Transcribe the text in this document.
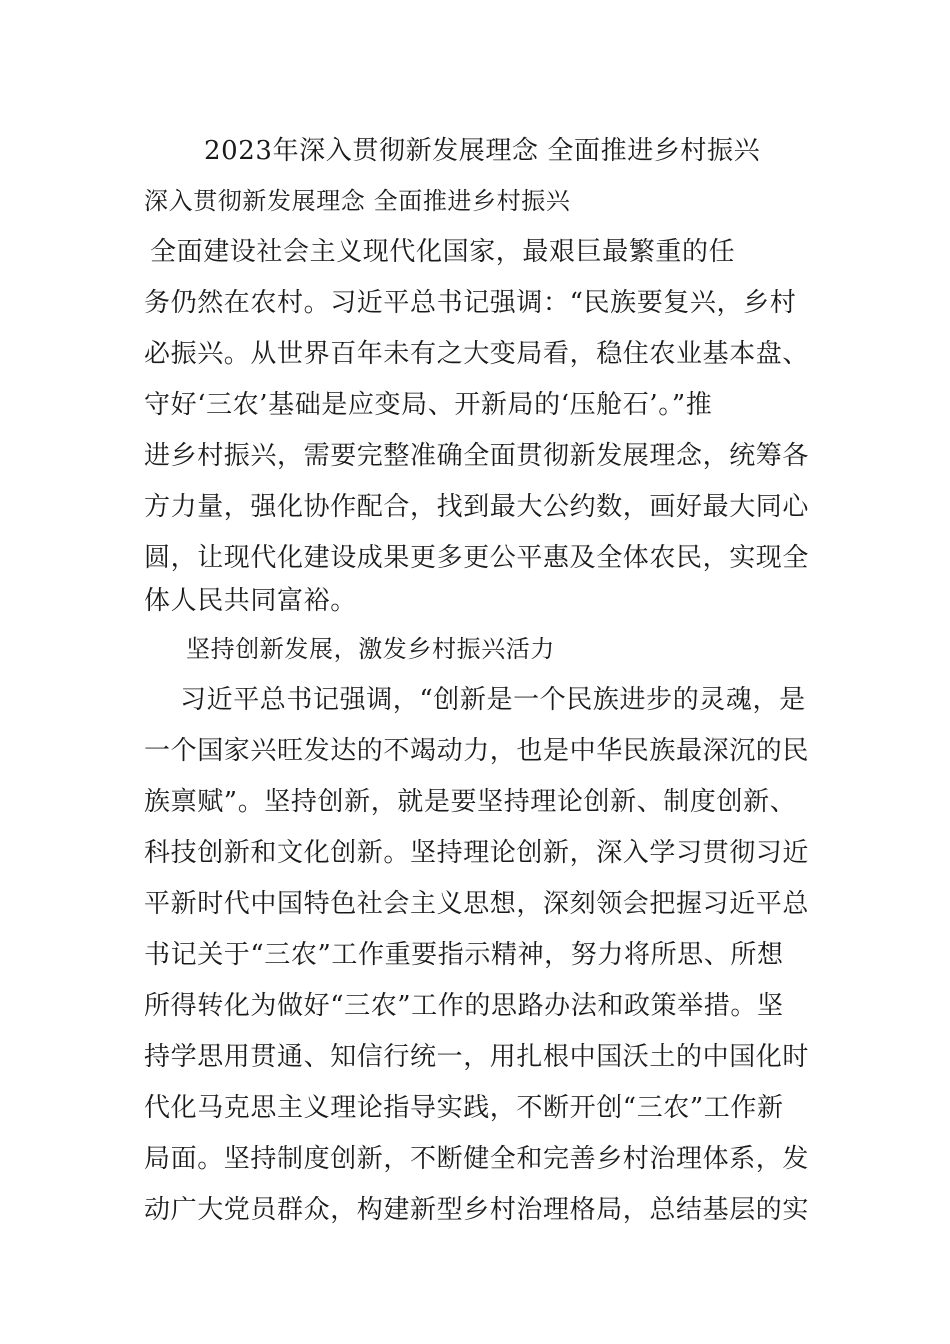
2023年深入贯彻新发展理念 全面推进乡村振兴
深入贯彻新发展理念 全面推进乡村振兴
全面建设社会主义现代化国家，最艰巨最繁重的任
务仍然在农村。习近平总书记强调：“民族要复兴，乡村
必振兴。从世界百年未有之大变局看，稳住农业基本盘、
守好‘三农’基础是应变局、开新局的‘压舱石’。”推
进乡村振兴，需要完整准确全面贯彻新发展理念，统筹各
方力量，强化协作配合，找到最大公约数，画好最大同心
圆，让现代化建设成果更多更公平惠及全体农民，实现全
体人民共同富裕。
坚持创新发展，激发乡村振兴活力
习近平总书记强调，“创新是一个民族进步的灵魂，是
一个国家兴旺发达的不竭动力，也是中华民族最深沉的民
族禀赋”。坚持创新，就是要坚持理论创新、制度创新、
科技创新和文化创新。坚持理论创新，深入学习贯彻习近
平新时代中国特色社会主义思想，深刻领会把握习近平总
书记关于“三农”工作重要指示精神，努力将所思、所想
所得转化为做好“三农”工作的思路办法和政策举措。坚
持学思用贯通、知信行统一，用扎根中国沃土的中国化时
代化马克思主义理论指导实践，不断开创“三农”工作新
局面。坚持制度创新，不断健全和完善乡村治理体系，发
动广大党员群众，构建新型乡村治理格局，总结基层的实
